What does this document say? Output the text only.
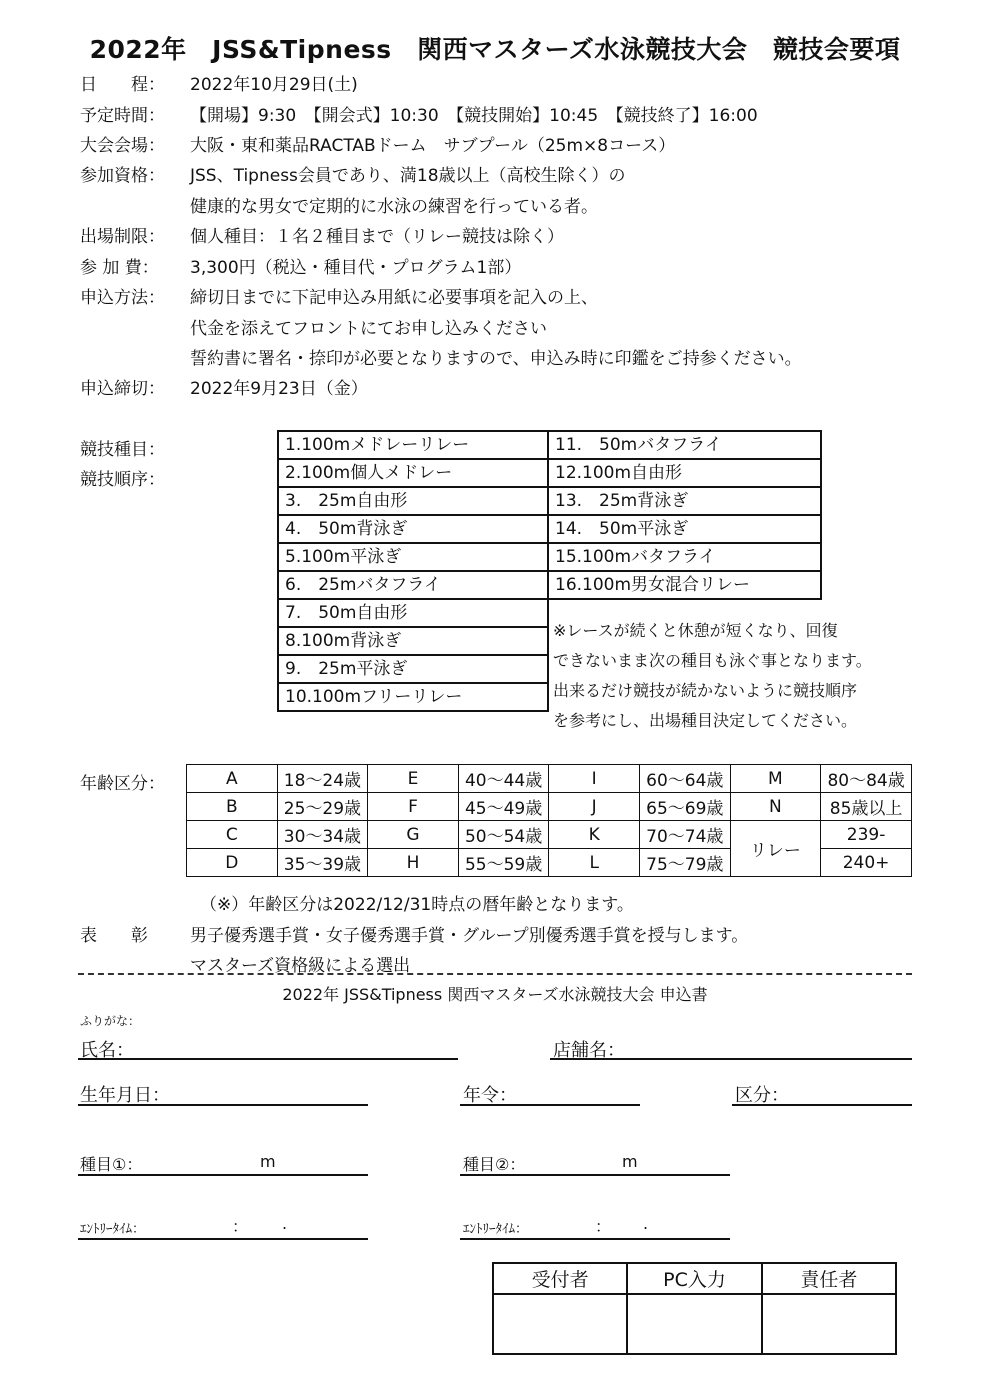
2022年　JSS&Tipness　関西マスターズ水泳競技大会　競技会要項
日　　程： 2022年10月29日(土)
予定時間： 【開場】9:30　【開会式】10:30　【競技開始】10:45　【競技終了】16:00
大会会場： 大阪・東和薬品RACTABドーム　サブプール（25m×8コース）
参加資格： JSS、Tipness会員であり、満18歳以上（高校生除く）の
健康的な男女で定期的に水泳の練習を行っている者。
出場制限： 個人種目：１名２種目まで（リレー競技は除く）
参 加 費： 3,300円（税込・種目代・プログラム1部）
申込方法： 締切日までに下記申込み用紙に必要事項を記入の上、
代金を添えてフロントにてお申し込みください
誓約書に署名・捺印が必要となりますので、申込み時に印鑑をご持参ください。
申込締切： 2022年9月23日（金）
競技種目：
競技順序：
1.100mメドレーリレー
2.100m個人メドレー
3.　25m自由形
4.　50m背泳ぎ
5.100m平泳ぎ
6.　25mバタフライ
7.　50m自由形
8.100m背泳ぎ
9.　25m平泳ぎ
10.100mフリーリレー
11.　50mバタフライ
12.100m自由形
13.　25m背泳ぎ
14.　50m平泳ぎ
15.100mバタフライ
16.100m男女混合リレー
※レースが続くと休憩が短くなり、回復
できないまま次の種目も泳ぐ事となります。
出来るだけ競技が続かないように競技順序
を参考にし、出場種目決定してください。
年齢区分：	A	18～24歳	E	40～44歳	I	60～64歳	M	80～84歳
B	25～29歳	F	45～49歳	J	65～69歳	N	85歳以上
C	30～34歳	G	50～54歳	K	70～74歳	リレー	239-
D	35～39歳	H	55～59歳	L	75～79歳		240+
（※）年齢区分は2022/12/31時点の暦年齢となります。
表　　彰 男子優秀選手賞・女子優秀選手賞・グループ別優秀選手賞を授与します。
マスターズ資格級による選出
2022年 JSS&Tipness 関西マスターズ水泳競技大会 申込書
ふりがな：
氏名：	店舗名：
生年月日：	年令：	区分：
種目①：	m	種目②：	m
ｴﾝﾄﾘｰﾀｲﾑ：	： .	ｴﾝﾄﾘｰﾀｲﾑ：	： .
受付者	PC入力	責任者
